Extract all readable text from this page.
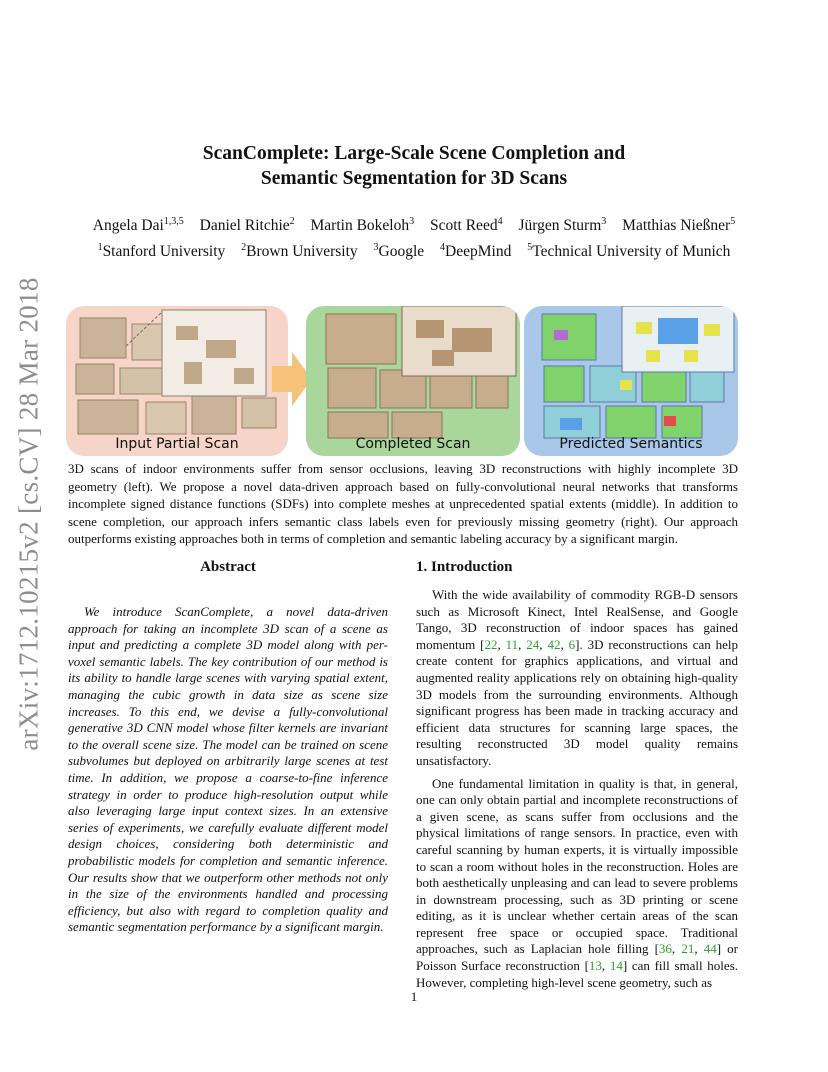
arXiv:1712.10215v2 [cs.CV] 28 Mar 2018
ScanComplete: Large-Scale Scene Completion and
Semantic Segmentation for 3D Scans
Angela Dai$^{1,3,5}$ Daniel Ritchie$^2$ Martin Bokeloh$^3$ Scott Reed$^4$ Jürgen Sturm$^3$ Matthias Nießner$^5$
$^1$Stanford University $^2$Brown University $^3$Google $^4$DeepMind $^5$Technical University of Munich
Input Partial Scan	Completed Scan	Predicted Semantics
3D scans of indoor environments suffer from sensor occlusions, leaving 3D reconstructions with highly incomplete 3D geometry (left). We propose a novel data-driven approach based on fully-convolutional neural networks that transforms incomplete signed distance functions (SDFs) into complete meshes at unprecedented spatial extents (middle). In addition to scene completion, our approach infers semantic class labels even for previously missing geometry (right). Our approach outperforms existing approaches both in terms of completion and semantic labeling accuracy by a significant margin.
Abstract

We introduce ScanComplete, a novel data-driven approach for taking an incomplete 3D scan of a scene as input and predicting a complete 3D model along with per-voxel semantic labels. The key contribution of our method is its ability to handle large scenes with varying spatial extent, managing the cubic growth in data size as scene size increases. To this end, we devise a fully-convolutional generative 3D CNN model whose filter kernels are invariant to the overall scene size. The model can be trained on scene subvolumes but deployed on arbitrarily large scenes at test time. In addition, we propose a coarse-to-fine inference strategy in order to produce high-resolution output while also leveraging large input context sizes. In an extensive series of experiments, we carefully evaluate different model design choices, considering both deterministic and probabilistic models for completion and semantic inference. Our results show that we outperform other methods not only in the size of the environments handled and processing efficiency, but also with regard to completion quality and semantic segmentation performance by a significant margin.

1. Introduction

With the wide availability of commodity RGB-D sensors such as Microsoft Kinect, Intel RealSense, and Google Tango, 3D reconstruction of indoor spaces has gained momentum [22, 11, 24, 42, 6]. 3D reconstructions can help create content for graphics applications, and virtual and augmented reality applications rely on obtaining high-quality 3D models from the surrounding environments. Although significant progress has been made in tracking accuracy and efficient data structures for scanning large spaces, the resulting reconstructed 3D model quality remains unsatisfactory.

One fundamental limitation in quality is that, in general, one can only obtain partial and incomplete reconstructions of a given scene, as scans suffer from occlusions and the physical limitations of range sensors. In practice, even with careful scanning by human experts, it is virtually impossible to scan a room without holes in the reconstruction. Holes are both aesthetically unpleasing and can lead to severe problems in downstream processing, such as 3D printing or scene editing, as it is unclear whether certain areas of the scan represent free space or occupied space. Traditional approaches, such as Laplacian hole filling [36, 21, 44] or Poisson Surface reconstruction [13, 14] can fill small holes. However, completing high-level scene geometry, such as

1
